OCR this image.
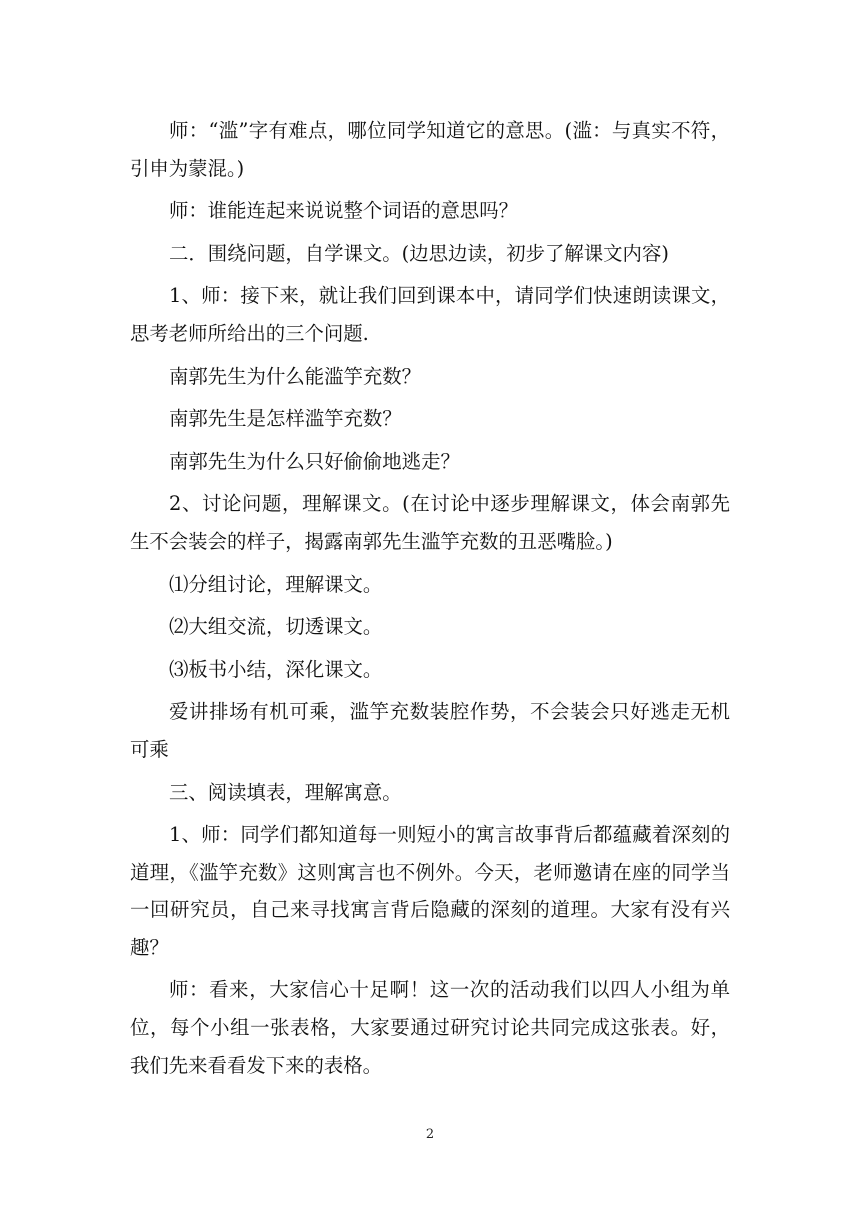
师：“滥”字有难点，哪位同学知道它的意思。(滥：与真实不符，引申为蒙混。)

师：谁能连起来说说整个词语的意思吗？

二．围绕问题，自学课文。(边思边读，初步了解课文内容)

1、师：接下来，就让我们回到课本中，请同学们快速朗读课文，思考老师所给出的三个问题.

南郭先生为什么能滥竽充数？

南郭先生是怎样滥竽充数？

南郭先生为什么只好偷偷地逃走？

2、讨论问题，理解课文。(在讨论中逐步理解课文，体会南郭先生不会装会的样子，揭露南郭先生滥竽充数的丑恶嘴脸。)

⑴分组讨论，理解课文。

⑵大组交流，切透课文。

⑶板书小结，深化课文。

爱讲排场有机可乘，滥竽充数装腔作势，不会装会只好逃走无机可乘

三、阅读填表，理解寓意。

1、师：同学们都知道每一则短小的寓言故事背后都蕴藏着深刻的道理，《滥竽充数》这则寓言也不例外。今天，老师邀请在座的同学当一回研究员，自己来寻找寓言背后隐藏的深刻的道理。大家有没有兴趣？

师：看来，大家信心十足啊！这一次的活动我们以四人小组为单位，每个小组一张表格，大家要通过研究讨论共同完成这张表。好，我们先来看看发下来的表格。

2
